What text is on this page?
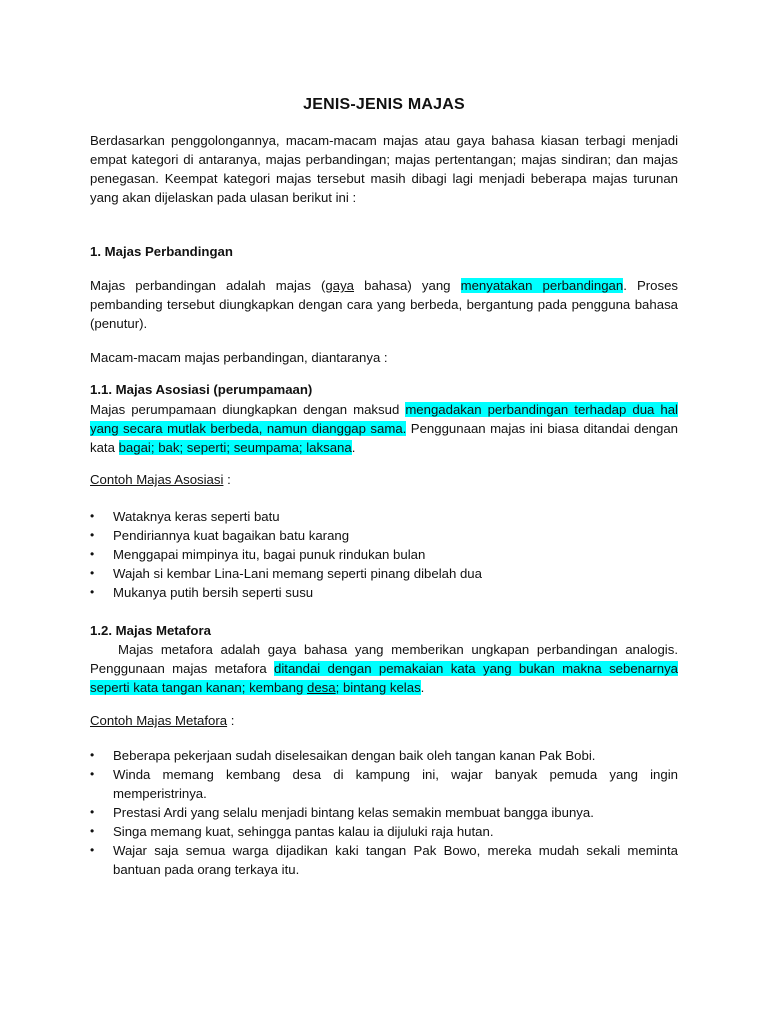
JENIS-JENIS MAJAS

Berdasarkan penggolongannya, macam-macam majas atau gaya bahasa kiasan terbagi menjadi empat kategori di antaranya, majas perbandingan; majas pertentangan; majas sindiran; dan majas penegasan. Keempat kategori majas tersebut masih dibagi lagi menjadi beberapa majas turunan yang akan dijelaskan pada ulasan berikut ini :

1. Majas Perbandingan

Majas perbandingan adalah majas (gaya bahasa) yang menyatakan perbandingan. Proses pembanding tersebut diungkapkan dengan cara yang berbeda, bergantung pada pengguna bahasa (penutur).

Macam-macam majas perbandingan, diantaranya :

1.1. Majas Asosiasi (perumpamaan)

Majas perumpamaan diungkapkan dengan maksud mengadakan perbandingan terhadap dua hal yang secara mutlak berbeda, namun dianggap sama. Penggunaan majas ini biasa ditandai dengan kata bagai; bak; seperti; seumpama; laksana.

Contoh Majas Asosiasi :

• Wataknya keras seperti batu
• Pendiriannya kuat bagaikan batu karang
• Menggapai mimpinya itu, bagai punuk rindukan bulan
• Wajah si kembar Lina-Lani memang seperti pinang dibelah dua
• Mukanya putih bersih seperti susu

1.2. Majas Metafora

Majas metafora adalah gaya bahasa yang memberikan ungkapan perbandingan analogis. Penggunaan majas metafora ditandai dengan pemakaian kata yang bukan makna sebenarnya seperti kata tangan kanan; kembang desa; bintang kelas.

Contoh Majas Metafora :

• Beberapa pekerjaan sudah diselesaikan dengan baik oleh tangan kanan Pak Bobi.
• Winda memang kembang desa di kampung ini, wajar banyak pemuda yang ingin memperistrinya.
• Prestasi Ardi yang selalu menjadi bintang kelas semakin membuat bangga ibunya.
• Singa memang kuat, sehingga pantas kalau ia dijuluki raja hutan.
• Wajar saja semua warga dijadikan kaki tangan Pak Bowo, mereka mudah sekali meminta bantuan pada orang terkaya itu.
